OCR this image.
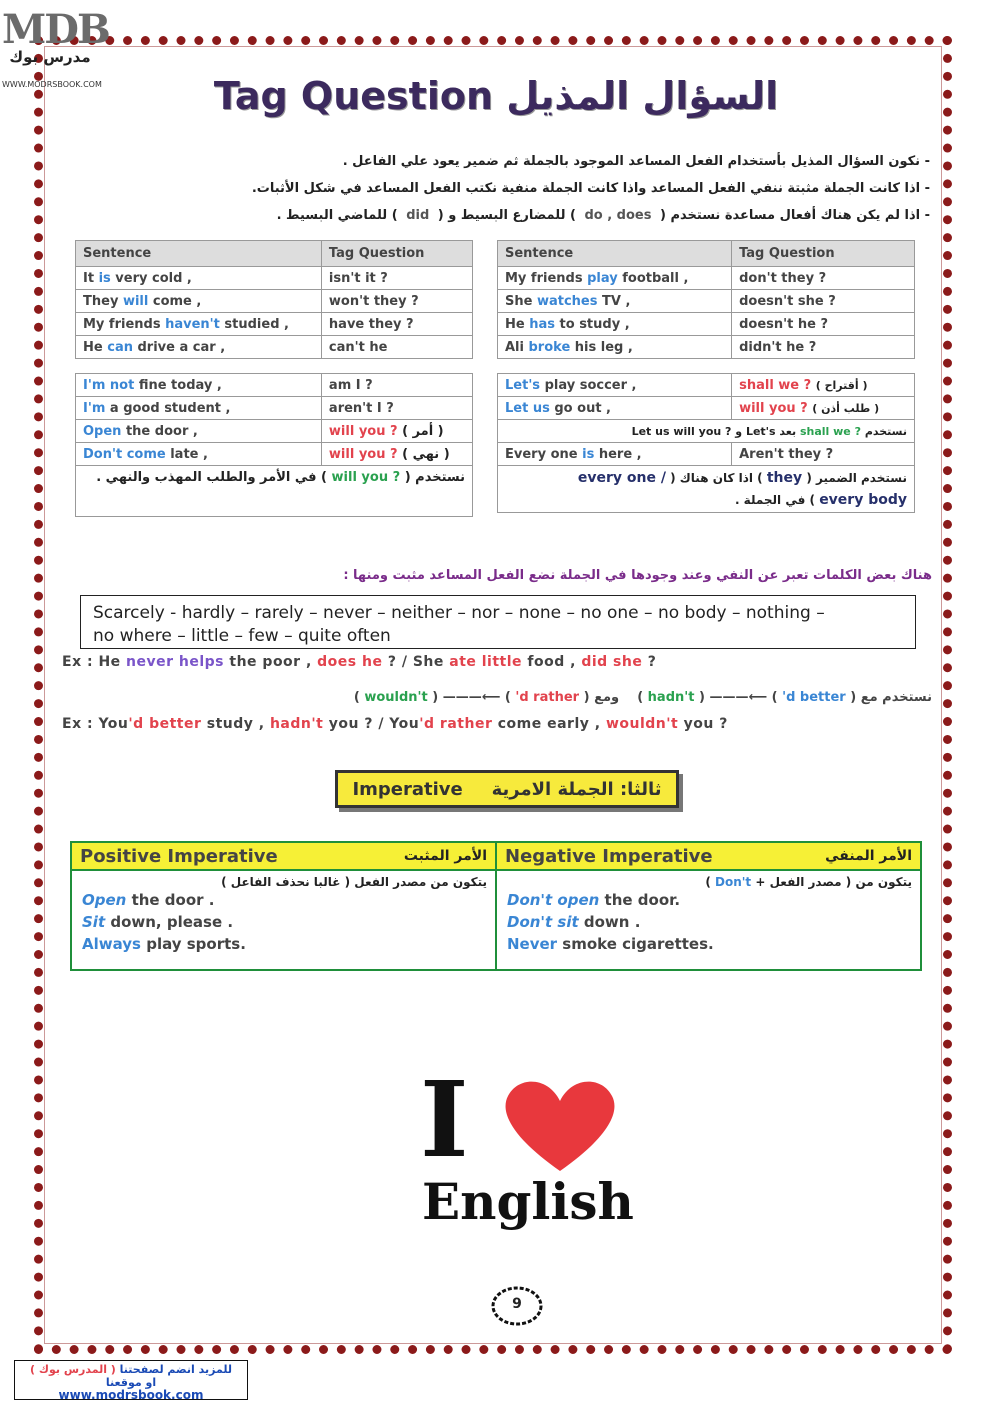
MDB
مدرس بوك
WWW.MODRSBOOK.COM	Tag Question السؤال المذيل
- نكون السؤال المذيل بأستخدام الفعل المساعد الموجود بالجملة ثم ضمير يعود علي الفاعل .
- اذا كانت الجملة مثبتة ننفي الفعل المساعد واذا كانت الجملة منفية نكتب الفعل المساعد في شكل الأثبات.
- اذا لم يكن هناك أفعال مساعدة نستخدم ( do , does ) للمضارع البسيط و ( did ) للماضي البسيط .
Sentence	Tag Question
It is very cold ,	isn't it ?
They will come ,	won't they ?
My friends haven't studied ,	have they ?
He can drive a car ,	can't he

I'm not fine today ,	am I ?
I'm a good student ,	aren't I ?
Open the door ,	will you ? ( أمر )
Don't come late ,	will you ? ( نهي )
نستخدم ( will you ? ) في الأمر والطلب المهذب والنهي .	
Sentence	Tag Question
My friends play football ,	don't they ?
She watches TV ,	doesn't she ?
He has to study ,	doesn't he ?
Ali broke his leg ,	didn't he ?

Let's play soccer ,	shall we ? ( أقتراح )
Let us go out ,	will you ? ( طلب أذن )
نستخدم shall we ? بعد Let's و will you ? Let us	
Every one is here ,	Aren't they ?
نستخدم الضمير ( they ) اذا كان هناك ( every one /
every body ) في الجملة .	
هناك بعض الكلمات تعبر عن النفي وعند وجودها في الجملة نضع الفعل المساعد مثبت ومنها :
Scarcely - hardly – rarely – never – neither – nor – none – no one – no body – nothing –
no where – little – few – quite often
Ex : He never helps the poor , does he ? / She ate little food , did she ?
نستخدم مع ( 'd better ) ⟵——— ( hadn't )    ومع ( 'd rather ) ⟵——— ( wouldn't )
Ex : You'd better study , hadn't you ? / You'd rather come early , wouldn't you ?
Imperative ثالثا: الجملة الامرية
Positive Imperative	الأمر المثبت
يتكون من مصدر الفعل ( غالبا نحذف الفاعل )
Open the door .
Sit down, please .
Always play sports.
Negative Imperative	الأمر المنفي
يتكون من ( مصدر الفعل + Don't )
Don't open the door.
Don't sit down .
Never smoke cigarettes.
I
English
9
للمزيد انضم لصفحتنا ( المدرس بوك )
او موقعنا
www.modrsbook.com
